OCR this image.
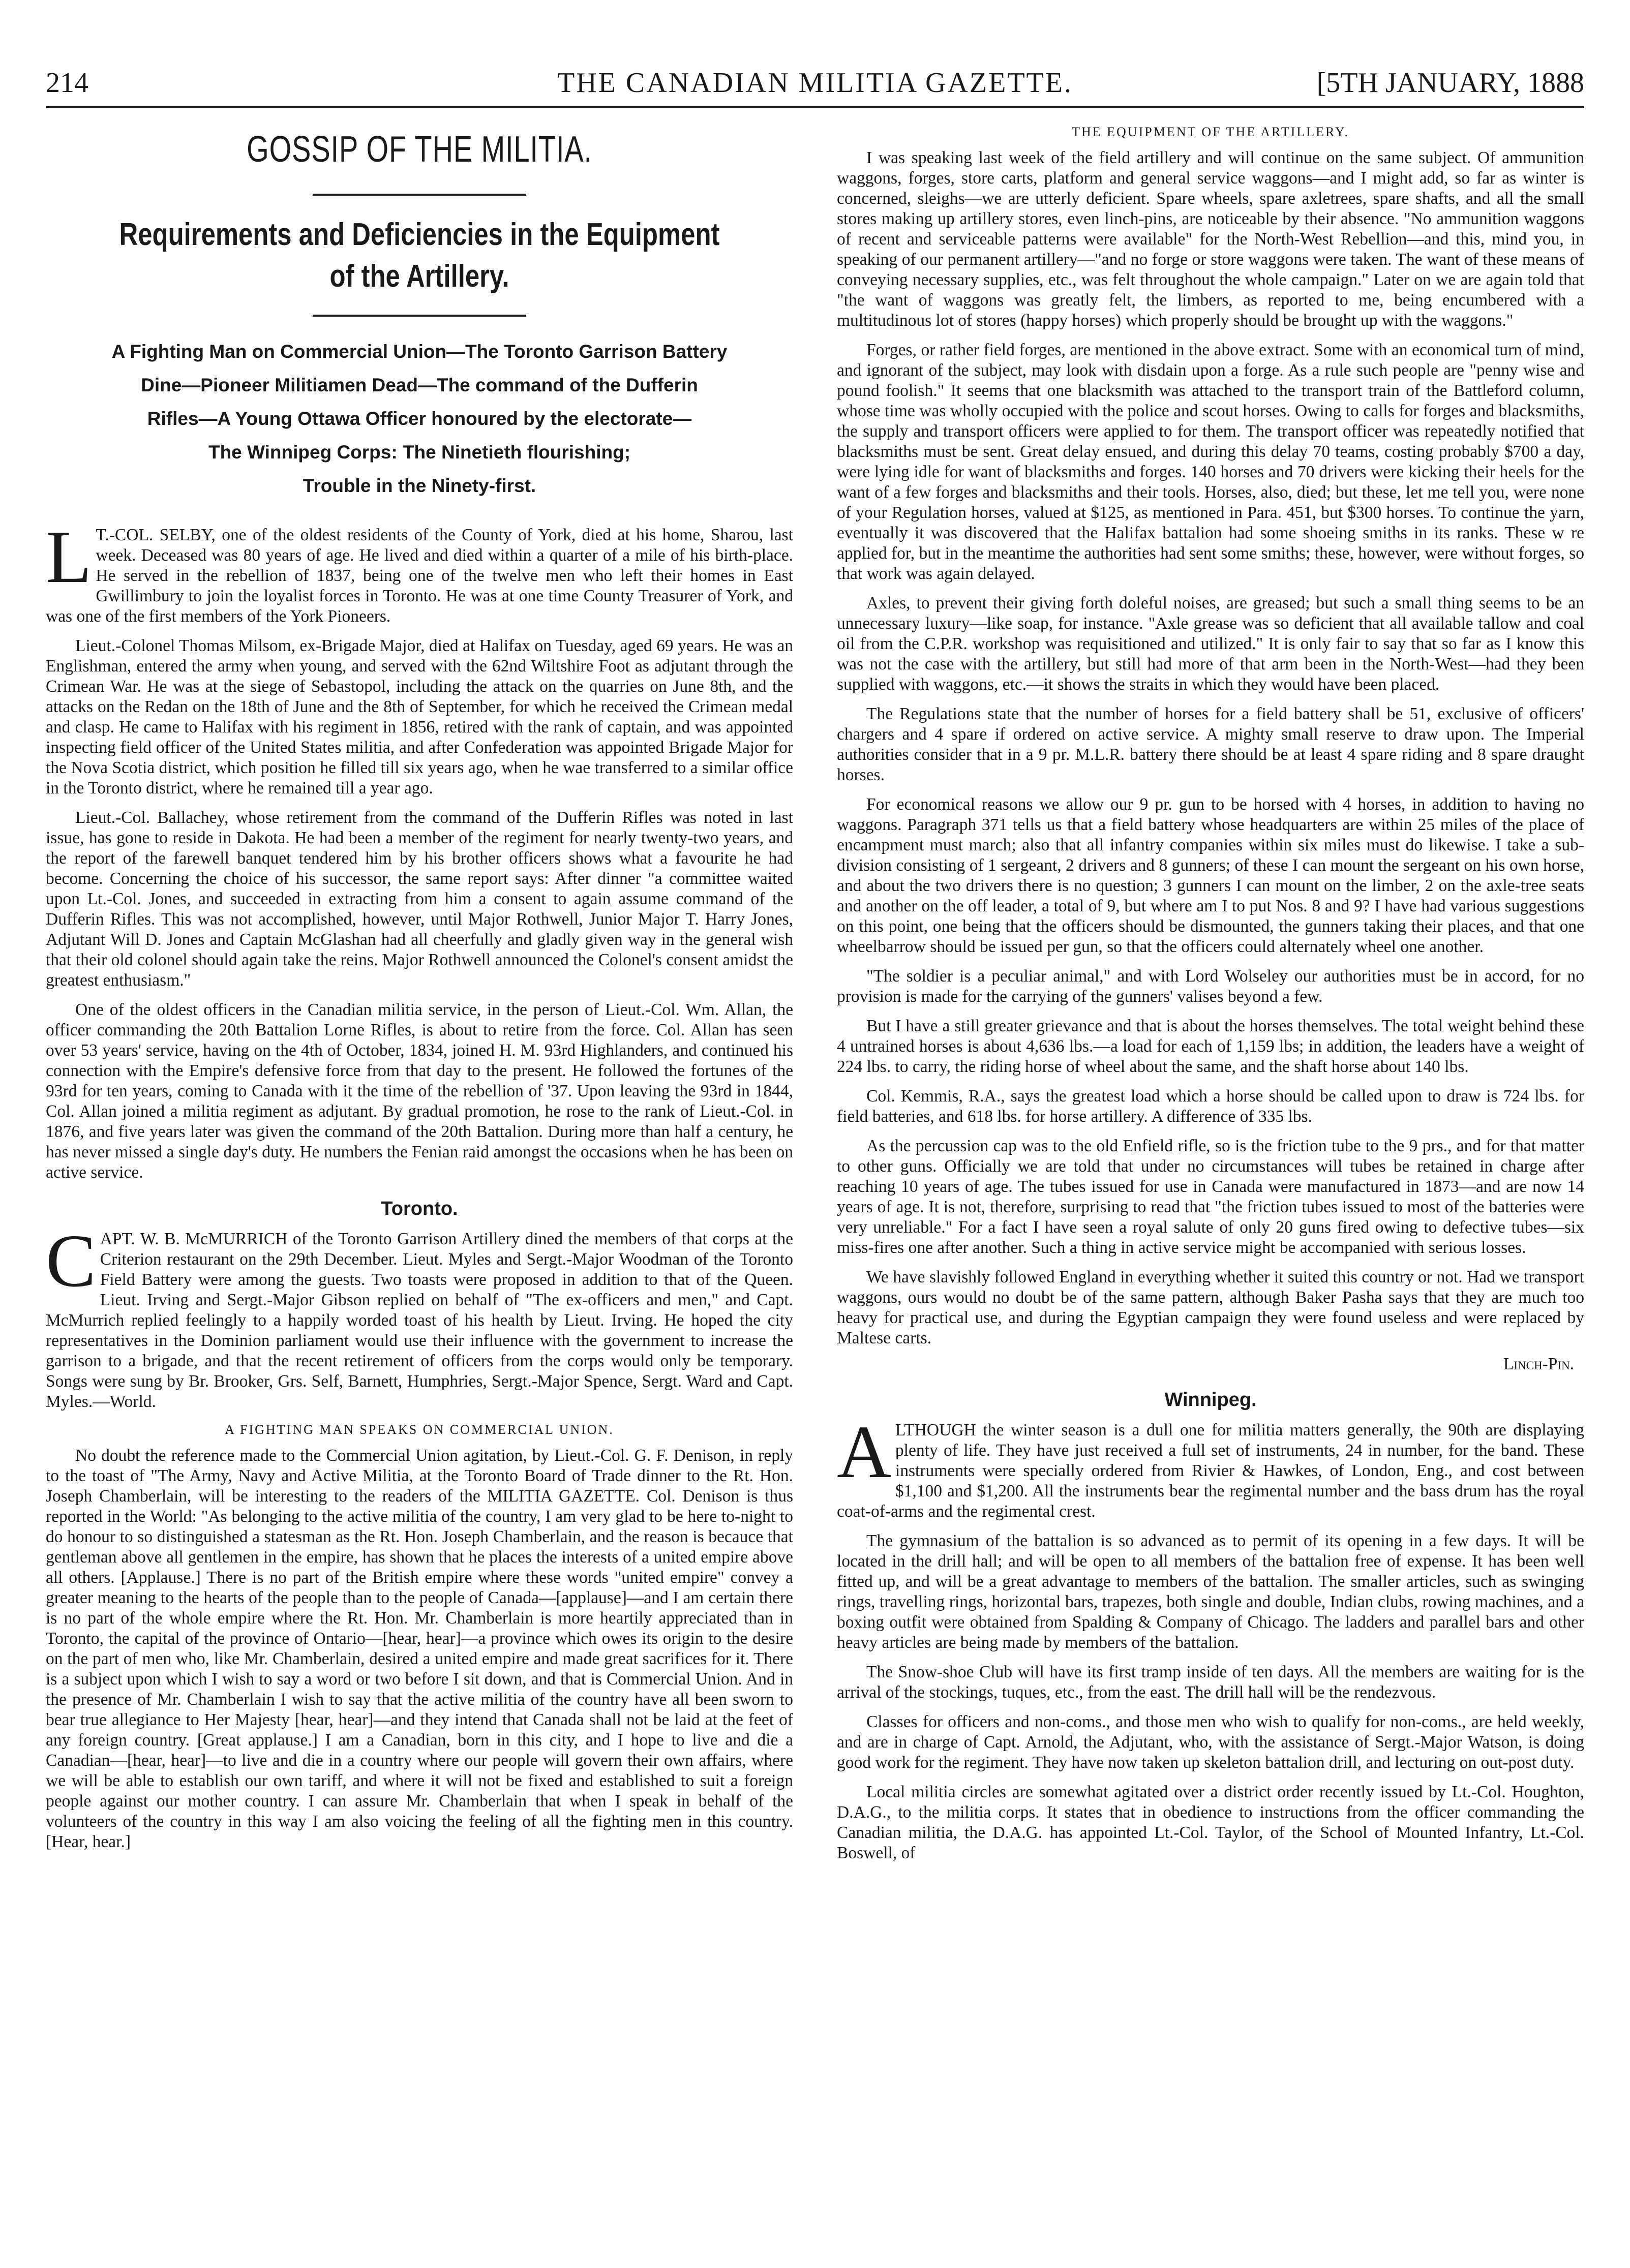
214	THE CANADIAN MILITIA GAZETTE.	[5TH JANUARY, 1888
GOSSIP OF THE MILITIA.
Requirements and Deficiencies in the Equipment of the Artillery.
A Fighting Man on Commercial Union—The Toronto Garrison Battery
Dine—Pioneer Militiamen Dead—The command of the Dufferin
Rifles—A Young Ottawa Officer honoured by the electorate—
The Winnipeg Corps: The Ninetieth flourishing;
Trouble in the Ninety-first.

L T.-COL. SELBY, one of the oldest residents of the County of York, died at his home, Sharou, last week. Deceased was 80 years of age. He lived and died within a quarter of a mile of his birth-place. He served in the rebellion of 1837, being one of the twelve men who left their homes in East Gwillimbury to join the loyalist forces in Toronto. He was at one time County Treasurer of York, and was one of the first members of the York Pioneers.

Lieut.-Colonel Thomas Milsom, ex-Brigade Major, died at Halifax on Tuesday, aged 69 years. He was an Englishman, entered the army when young, and served with the 62nd Wiltshire Foot as adjutant through the Crimean War. He was at the siege of Sebastopol, including the attack on the quarries on June 8th, and the attacks on the Redan on the 18th of June and the 8th of September, for which he received the Crimean medal and clasp. He came to Halifax with his regiment in 1856, retired with the rank of captain, and was appointed inspecting field officer of the United States militia, and after Confederation was appointed Brigade Major for the Nova Scotia district, which position he filled till six years ago, when he wae transferred to a similar office in the Toronto district, where he remained till a year ago.

Lieut.-Col. Ballachey, whose retirement from the command of the Dufferin Rifles was noted in last issue, has gone to reside in Dakota. He had been a member of the regiment for nearly twenty-two years, and the report of the farewell banquet tendered him by his brother officers shows what a favourite he had become. Concerning the choice of his successor, the same report says: After dinner "a committee waited upon Lt.-Col. Jones, and succeeded in extracting from him a consent to again assume command of the Dufferin Rifles. This was not accomplished, however, until Major Rothwell, Junior Major T. Harry Jones, Adjutant Will D. Jones and Captain McGlashan had all cheerfully and gladly given way in the general wish that their old colonel should again take the reins. Major Rothwell announced the Colonel's consent amidst the greatest enthusiasm."

One of the oldest officers in the Canadian militia service, in the person of Lieut.-Col. Wm. Allan, the officer commanding the 20th Battalion Lorne Rifles, is about to retire from the force. Col. Allan has seen over 53 years' service, having on the 4th of October, 1834, joined H. M. 93rd Highlanders, and continued his connection with the Empire's defensive force from that day to the present. He followed the fortunes of the 93rd for ten years, coming to Canada with it the time of the rebellion of '37. Upon leaving the 93rd in 1844, Col. Allan joined a militia regiment as adjutant. By gradual promotion, he rose to the rank of Lieut.-Col. in 1876, and five years later was given the command of the 20th Battalion. During more than half a century, he has never missed a single day's duty. He numbers the Fenian raid amongst the occasions when he has been on active service.

Toronto.

CAPT. W. B. McMURRICH of the Toronto Garrison Artillery dined the members of that corps at the Criterion restaurant on the 29th December. Lieut. Myles and Sergt.-Major Woodman of the Toronto Field Battery were among the guests. Two toasts were proposed in addition to that of the Queen. Lieut. Irving and Sergt.-Major Gibson replied on behalf of "The ex-officers and men," and Capt. McMurrich replied feelingly to a happily worded toast of his health by Lieut. Irving. He hoped the city representatives in the Dominion parliament would use their influence with the government to increase the garrison to a brigade, and that the recent retirement of officers from the corps would only be temporary. Songs were sung by Br. Brooker, Grs. Self, Barnett, Humphries, Sergt.-Major Spence, Sergt. Ward and Capt. Myles.—World.

A FIGHTING MAN SPEAKS ON COMMERCIAL UNION.

No doubt the reference made to the Commercial Union agitation, by Lieut.-Col. G. F. Denison, in reply to the toast of "The Army, Navy and Active Militia, at the Toronto Board of Trade dinner to the Rt. Hon. Joseph Chamberlain, will be interesting to the readers of the MILITIA GAZETTE. Col. Denison is thus reported in the World: "As belonging to the active militia of the country, I am very glad to be here to-night to do honour to so distinguished a statesman as the Rt. Hon. Joseph Chamberlain, and the reason is becauce that gentleman above all gentlemen in the empire, has shown that he places the interests of a united empire above all others. [Applause.] There is no part of the British empire where these words "united empire" convey a greater meaning to the hearts of the people than to the people of Canada—[applause]—and I am certain there is no part of the whole empire where the Rt. Hon. Mr. Chamberlain is more heartily appreciated than in Toronto, the capital of the province of Ontario—[hear, hear]—a province which owes its origin to the desire on the part of men who, like Mr. Chamberlain, desired a united empire and made great sacrifices for it. There is a subject upon which I wish to say a word or two before I sit down, and that is Commercial Union. And in the presence of Mr. Chamberlain I wish to say that the active militia of the country have all been sworn to bear true allegiance to Her Majesty [hear, hear]—and they intend that Canada shall not be laid at the feet of any foreign country. [Great applause.] I am a Canadian, born in this city, and I hope to live and die a Canadian—[hear, hear]—to live and die in a country where our people will govern their own affairs, where we will be able to establish our own tariff, and where it will not be fixed and established to suit a foreign people against our mother country. I can assure Mr. Chamberlain that when I speak in behalf of the volunteers of the country in this way I am also voicing the feeling of all the fighting men in this country. [Hear, hear.]

THE EQUIPMENT OF THE ARTILLERY.

I was speaking last week of the field artillery and will continue on the same subject. Of ammunition waggons, forges, store carts, platform and general service waggons—and I might add, so far as winter is concerned, sleighs—we are utterly deficient. Spare wheels, spare axletrees, spare shafts, and all the small stores making up artillery stores, even linch-pins, are noticeable by their absence. "No ammunition waggons of recent and serviceable patterns were available" for the North-West Rebellion—and this, mind you, in speaking of our permanent artillery—"and no forge or store waggons were taken. The want of these means of conveying necessary supplies, etc., was felt throughout the whole campaign." Later on we are again told that "the want of waggons was greatly felt, the limbers, as reported to me, being encumbered with a multitudinous lot of stores (happy horses) which properly should be brought up with the waggons."

Forges, or rather field forges, are mentioned in the above extract. Some with an economical turn of mind, and ignorant of the subject, may look with disdain upon a forge. As a rule such people are "penny wise and pound foolish." It seems that one blacksmith was attached to the transport train of the Battleford column, whose time was wholly occupied with the police and scout horses. Owing to calls for forges and blacksmiths, the supply and transport officers were applied to for them. The transport officer was repeatedly notified that blacksmiths must be sent. Great delay ensued, and during this delay 70 teams, costing probably $700 a day, were lying idle for want of blacksmiths and forges. 140 horses and 70 drivers were kicking their heels for the want of a few forges and blacksmiths and their tools. Horses, also, died; but these, let me tell you, were none of your Regulation horses, valued at $125, as mentioned in Para. 451, but $300 horses. To continue the yarn, eventually it was discovered that the Halifax battalion had some shoeing smiths in its ranks. These w re applied for, but in the meantime the authorities had sent some smiths; these, however, were without forges, so that work was again delayed.

Axles, to prevent their giving forth doleful noises, are greased; but such a small thing seems to be an unnecessary luxury—like soap, for instance. "Axle grease was so deficient that all available tallow and coal oil from the C.P.R. workshop was requisitioned and utilized." It is only fair to say that so far as I know this was not the case with the artillery, but still had more of that arm been in the North-West—had they been supplied with waggons, etc.—it shows the straits in which they would have been placed.

The Regulations state that the number of horses for a field battery shall be 51, exclusive of officers' chargers and 4 spare if ordered on active service. A mighty small reserve to draw upon. The Imperial authorities consider that in a 9 pr. M.L.R. battery there should be at least 4 spare riding and 8 spare draught horses.

For economical reasons we allow our 9 pr. gun to be horsed with 4 horses, in addition to having no waggons. Paragraph 371 tells us that a field battery whose headquarters are within 25 miles of the place of encampment must march; also that all infantry companies within six miles must do likewise. I take a sub-division consisting of 1 sergeant, 2 drivers and 8 gunners; of these I can mount the sergeant on his own horse, and about the two drivers there is no question; 3 gunners I can mount on the limber, 2 on the axle-tree seats and another on the off leader, a total of 9, but where am I to put Nos. 8 and 9? I have had various suggestions on this point, one being that the officers should be dismounted, the gunners taking their places, and that one wheelbarrow should be issued per gun, so that the officers could alternately wheel one another.

"The soldier is a peculiar animal," and with Lord Wolseley our authorities must be in accord, for no provision is made for the carrying of the gunners' valises beyond a few.

But I have a still greater grievance and that is about the horses themselves. The total weight behind these 4 untrained horses is about 4,636 lbs.—a load for each of 1,159 lbs; in addition, the leaders have a weight of 224 lbs. to carry, the riding horse of wheel about the same, and the shaft horse about 140 lbs.

Col. Kemmis, R.A., says the greatest load which a horse should be called upon to draw is 724 lbs. for field batteries, and 618 lbs. for horse artillery. A difference of 335 lbs.

As the percussion cap was to the old Enfield rifle, so is the friction tube to the 9 prs., and for that matter to other guns. Officially we are told that under no circumstances will tubes be retained in charge after reaching 10 years of age. The tubes issued for use in Canada were manufactured in 1873—and are now 14 years of age. It is not, therefore, surprising to read that "the friction tubes issued to most of the batteries were very unreliable." For a fact I have seen a royal salute of only 20 guns fired owing to defective tubes—six miss-fires one after another. Such a thing in active service might be accompanied with serious losses.

We have slavishly followed England in everything whether it suited this country or not. Had we transport waggons, ours would no doubt be of the same pattern, although Baker Pasha says that they are much too heavy for practical use, and during the Egyptian campaign they were found useless and were replaced by Maltese carts.

Linch-Pin.
Winnipeg.

ALTHOUGH the winter season is a dull one for militia matters generally, the 90th are displaying plenty of life. They have just received a full set of instruments, 24 in number, for the band. These instruments were specially ordered from Rivier & Hawkes, of London, Eng., and cost between $1,100 and $1,200. All the instruments bear the regimental number and the bass drum has the royal coat-of-arms and the regimental crest.

The gymnasium of the battalion is so advanced as to permit of its opening in a few days. It will be located in the drill hall; and will be open to all members of the battalion free of expense. It has been well fitted up, and will be a great advantage to members of the battalion. The smaller articles, such as swinging rings, travelling rings, horizontal bars, trapezes, both single and double, Indian clubs, rowing machines, and a boxing outfit were obtained from Spalding & Company of Chicago. The ladders and parallel bars and other heavy articles are being made by members of the battalion.

The Snow-shoe Club will have its first tramp inside of ten days. All the members are waiting for is the arrival of the stockings, tuques, etc., from the east. The drill hall will be the rendezvous.

Classes for officers and non-coms., and those men who wish to qualify for non-coms., are held weekly, and are in charge of Capt. Arnold, the Adjutant, who, with the assistance of Sergt.-Major Watson, is doing good work for the regiment. They have now taken up skeleton battalion drill, and lecturing on out-post duty.

Local militia circles are somewhat agitated over a district order recently issued by Lt.-Col. Houghton, D.A.G., to the militia corps. It states that in obedience to instructions from the officer commanding the Canadian militia, the D.A.G. has appointed Lt.-Col. Taylor, of the School of Mounted Infantry, Lt.-Col. Boswell, of
